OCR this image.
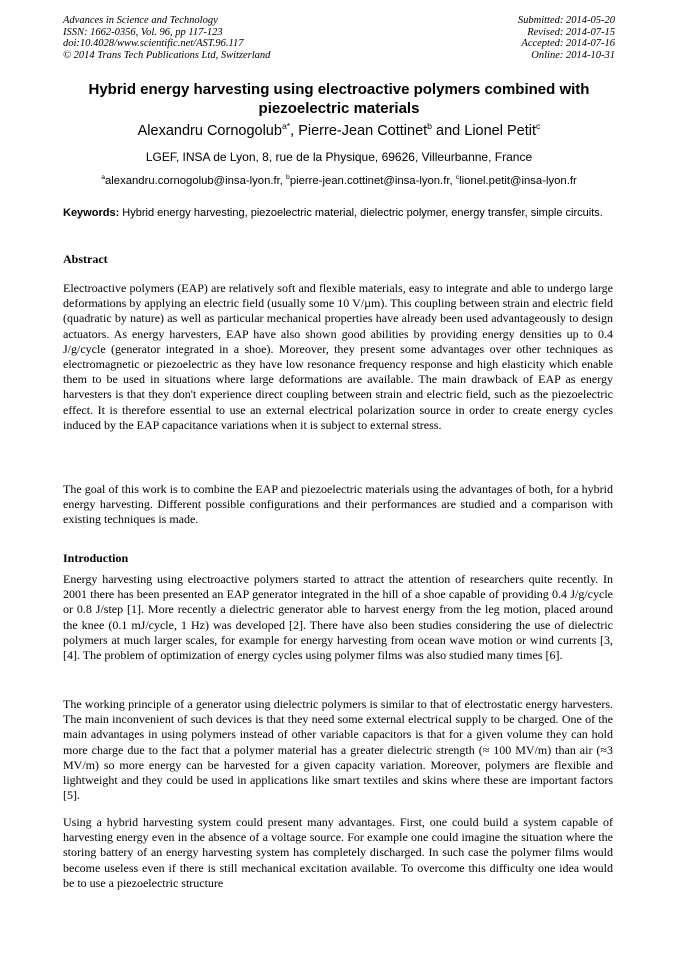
Advances in Science and Technology
ISSN: 1662-0356, Vol. 96, pp 117-123
doi:10.4028/www.scientific.net/AST.96.117
© 2014 Trans Tech Publications Ltd, Switzerland
Submitted: 2014-05-20
Revised: 2014-07-15
Accepted: 2014-07-16
Online: 2014-10-31
Hybrid energy harvesting using electroactive polymers combined with
piezoelectric materials
Alexandru Cornogolub$^{a*}$, Pierre-Jean Cottinet$^b$ and Lionel Petit$^c$
LGEF, INSA de Lyon, 8, rue de la Physique, 69626, Villeurbanne, France
$^a$alexandru.cornogolub@insa-lyon.fr, $^b$pierre-jean.cottinet@insa-lyon.fr, $^c$lionel.petit@insa-lyon.fr
Keywords: Hybrid energy harvesting, piezoelectric material, dielectric polymer, energy transfer, simple circuits.
Abstract
Electroactive polymers (EAP) are relatively soft and flexible materials, easy to integrate and able to undergo large deformations by applying an electric field (usually some 10 V/µm). This coupling between strain and electric field (quadratic by nature) as well as particular mechanical properties have already been used advantageously to design actuators. As energy harvesters, EAP have also shown good abilities by providing energy densities up to 0.4 J/g/cycle (generator integrated in a shoe). Moreover, they present some advantages over other techniques as electromagnetic or piezoelectric as they have low resonance frequency response and high elasticity which enable them to be used in situations where large deformations are available. The main drawback of EAP as energy harvesters is that they don't experience direct coupling between strain and electric field, such as the piezoelectric effect. It is therefore essential to use an external electrical polarization source in order to create energy cycles induced by the EAP capacitance variations when it is subject to external stress.
The goal of this work is to combine the EAP and piezoelectric materials using the advantages of both, for a hybrid energy harvesting. Different possible configurations and their performances are studied and a comparison with existing techniques is made.
Introduction
Energy harvesting using electroactive polymers started to attract the attention of researchers quite recently. In 2001 there has been presented an EAP generator integrated in the hill of a shoe capable of providing 0.4 J/g/cycle or 0.8 J/step [1]. More recently a dielectric generator able to harvest energy from the leg motion, placed around the knee (0.1 mJ/cycle, 1 Hz) was developed [2]. There have also been studies considering the use of dielectric polymers at much larger scales, for example for energy harvesting from ocean wave motion or wind currents [3,[4]. The problem of optimization of energy cycles using polymer films was also studied many times [6].
The working principle of a generator using dielectric polymers is similar to that of electrostatic energy harvesters. The main inconvenient of such devices is that they need some external electrical supply to be charged. One of the main advantages in using polymers instead of other variable capacitors is that for a given volume they can hold more charge due to the fact that a polymer material has a greater dielectric strength (≈ 100 MV/m) than air (≈3 MV/m) so more energy can be harvested for a given capacity variation. Moreover, polymers are flexible and lightweight and they could be used in applications like smart textiles and skins where these are important factors [5].
Using a hybrid harvesting system could present many advantages. First, one could build a system capable of harvesting energy even in the absence of a voltage source. For example one could imagine the situation where the storing battery of an energy harvesting system has completely discharged. In such case the polymer films would become useless even if there is still mechanical excitation available. To overcome this difficulty one idea would be to use a piezoelectric structure
